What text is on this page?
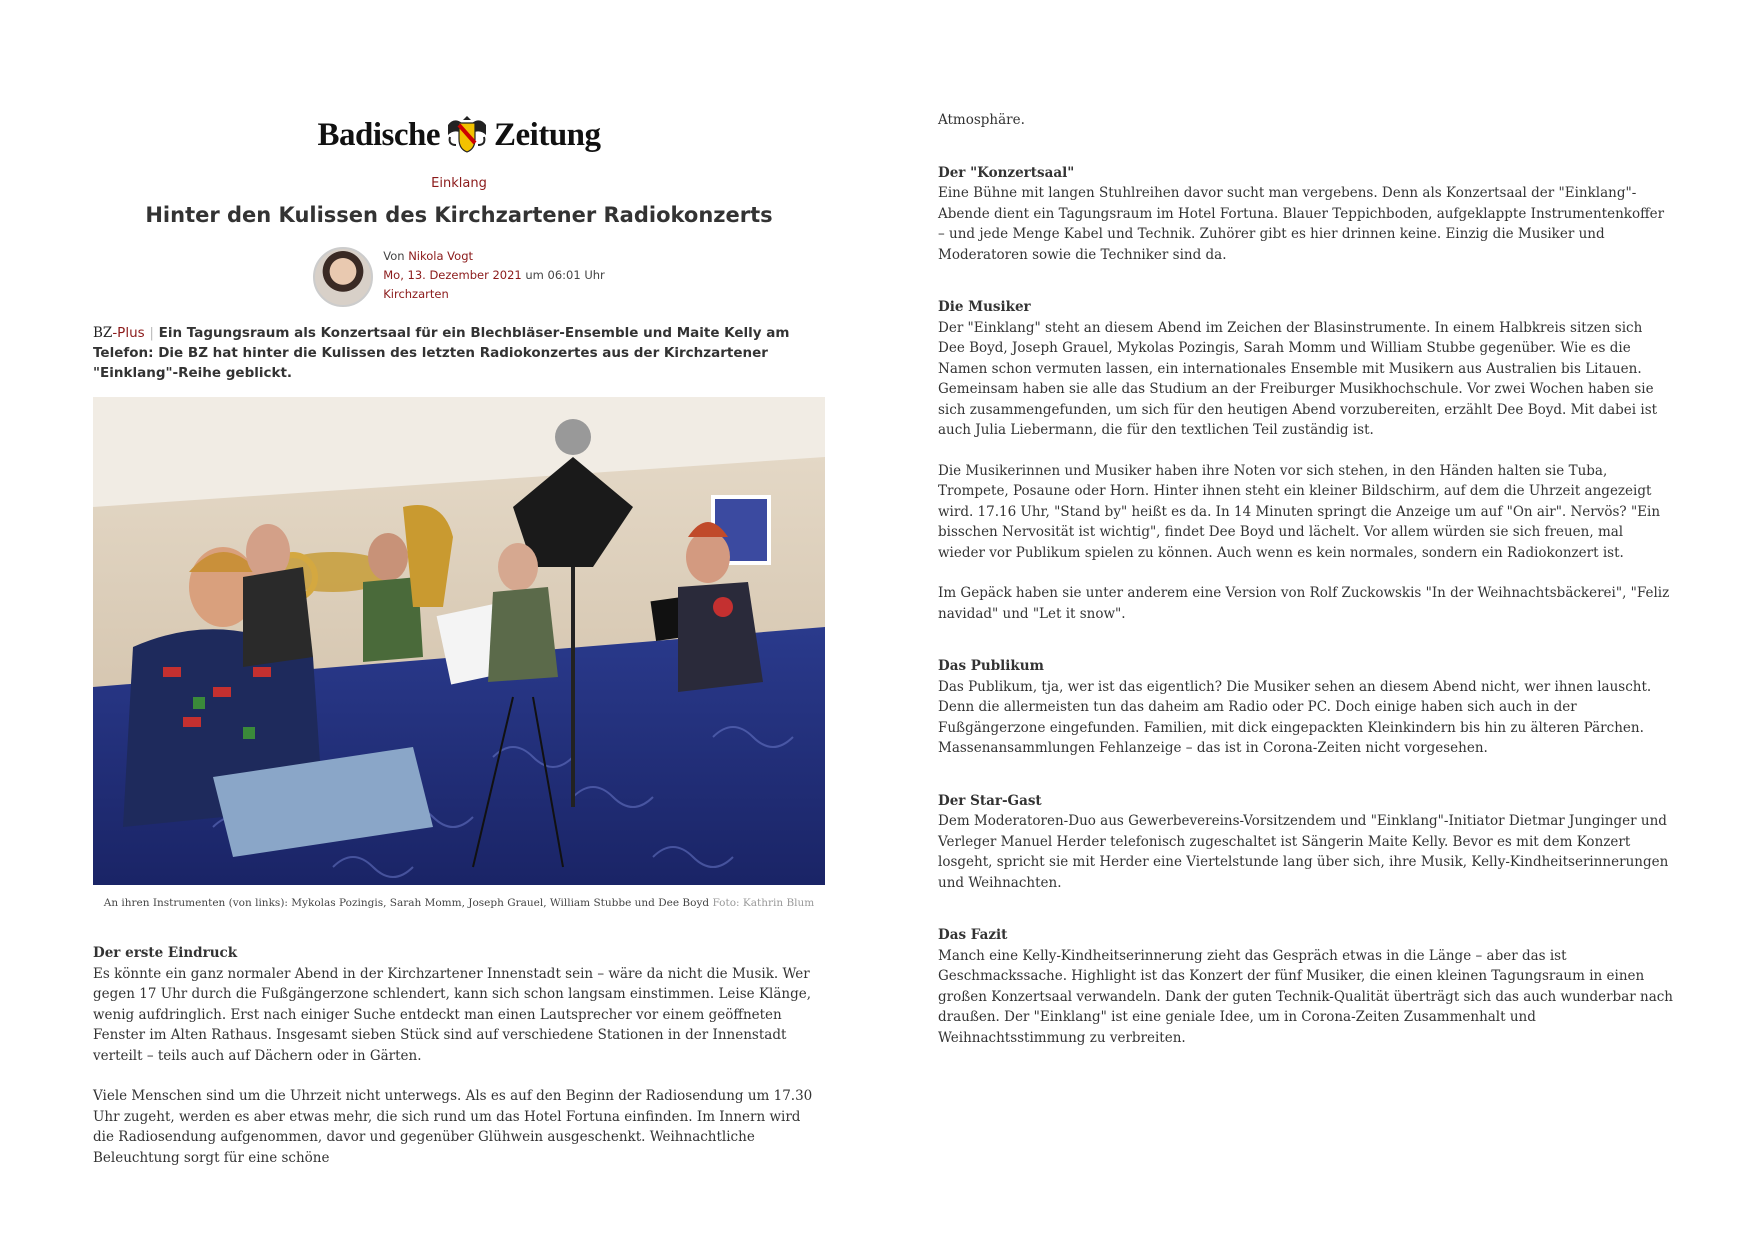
Badische Zeitung
Einklang
Hinter den Kulissen des Kirchzartener Radiokonzerts
Von Nikola Vogt
Mo, 13. Dezember 2021 um 06:01 Uhr
Kirchzarten
BZ-Plus | Ein Tagungsraum als Konzertsaal für ein Blechbläser-Ensemble und Maite Kelly am Telefon: Die BZ hat hinter die Kulissen des letzten Radiokonzertes aus der Kirchzartener "Einklang"-Reihe geblickt.
An ihren Instrumenten (von links): Mykolas Pozingis, Sarah Momm, Joseph Grauel, William Stubbe und Dee Boyd Foto: Kathrin Blum
Der erste Eindruck

Es könnte ein ganz normaler Abend in der Kirchzartener Innenstadt sein – wäre da nicht die Musik. Wer gegen 17 Uhr durch die Fußgängerzone schlendert, kann sich schon langsam einstimmen. Leise Klänge, wenig aufdringlich. Erst nach einiger Suche entdeckt man einen Lautsprecher vor einem geöffneten Fenster im Alten Rathaus. Insgesamt sieben Stück sind auf verschiedene Stationen in der Innenstadt verteilt – teils auch auf Dächern oder in Gärten.

Viele Menschen sind um die Uhrzeit nicht unterwegs. Als es auf den Beginn der Radiosendung um 17.30 Uhr zugeht, werden es aber etwas mehr, die sich rund um das Hotel Fortuna einfinden. Im Innern wird die Radiosendung aufgenommen, davor und gegenüber Glühwein ausgeschenkt. Weihnachtliche Beleuchtung sorgt für eine schöne

Atmosphäre.

Der "Konzertsaal"

Eine Bühne mit langen Stuhlreihen davor sucht man vergebens. Denn als Konzertsaal der "Einklang"-Abende dient ein Tagungsraum im Hotel Fortuna. Blauer Teppichboden, aufgeklappte Instrumentenkoffer – und jede Menge Kabel und Technik. Zuhörer gibt es hier drinnen keine. Einzig die Musiker und Moderatoren sowie die Techniker sind da.

Die Musiker

Der "Einklang" steht an diesem Abend im Zeichen der Blasinstrumente. In einem Halbkreis sitzen sich Dee Boyd, Joseph Grauel, Mykolas Pozingis, Sarah Momm und William Stubbe gegenüber. Wie es die Namen schon vermuten lassen, ein internationales Ensemble mit Musikern aus Australien bis Litauen. Gemeinsam haben sie alle das Studium an der Freiburger Musikhochschule. Vor zwei Wochen haben sie sich zusammengefunden, um sich für den heutigen Abend vorzubereiten, erzählt Dee Boyd. Mit dabei ist auch Julia Liebermann, die für den textlichen Teil zuständig ist.

Die Musikerinnen und Musiker haben ihre Noten vor sich stehen, in den Händen halten sie Tuba, Trompete, Posaune oder Horn. Hinter ihnen steht ein kleiner Bildschirm, auf dem die Uhrzeit angezeigt wird. 17.16 Uhr, "Stand by" heißt es da. In 14 Minuten springt die Anzeige um auf "On air". Nervös? "Ein bisschen Nervosität ist wichtig", findet Dee Boyd und lächelt. Vor allem würden sie sich freuen, mal wieder vor Publikum spielen zu können. Auch wenn es kein normales, sondern ein Radiokonzert ist.

Im Gepäck haben sie unter anderem eine Version von Rolf Zuckowskis "In der Weihnachtsbäckerei", "Feliz navidad" und "Let it snow".

Das Publikum

Das Publikum, tja, wer ist das eigentlich? Die Musiker sehen an diesem Abend nicht, wer ihnen lauscht. Denn die allermeisten tun das daheim am Radio oder PC. Doch einige haben sich auch in der Fußgängerzone eingefunden. Familien, mit dick eingepackten Kleinkindern bis hin zu älteren Pärchen. Massenansammlungen Fehlanzeige – das ist in Corona-Zeiten nicht vorgesehen.

Der Star-Gast

Dem Moderatoren-Duo aus Gewerbevereins-Vorsitzendem und "Einklang"-Initiator Dietmar Junginger und Verleger Manuel Herder telefonisch zugeschaltet ist Sängerin Maite Kelly. Bevor es mit dem Konzert losgeht, spricht sie mit Herder eine Viertelstunde lang über sich, ihre Musik, Kelly-Kindheitserinnerungen und Weihnachten.

Das Fazit

Manch eine Kelly-Kindheitserinnerung zieht das Gespräch etwas in die Länge – aber das ist Geschmackssache. Highlight ist das Konzert der fünf Musiker, die einen kleinen Tagungsraum in einen großen Konzertsaal verwandeln. Dank der guten Technik-Qualität überträgt sich das auch wunderbar nach draußen. Der "Einklang" ist eine geniale Idee, um in Corona-Zeiten Zusammenhalt und Weihnachtsstimmung zu verbreiten.
